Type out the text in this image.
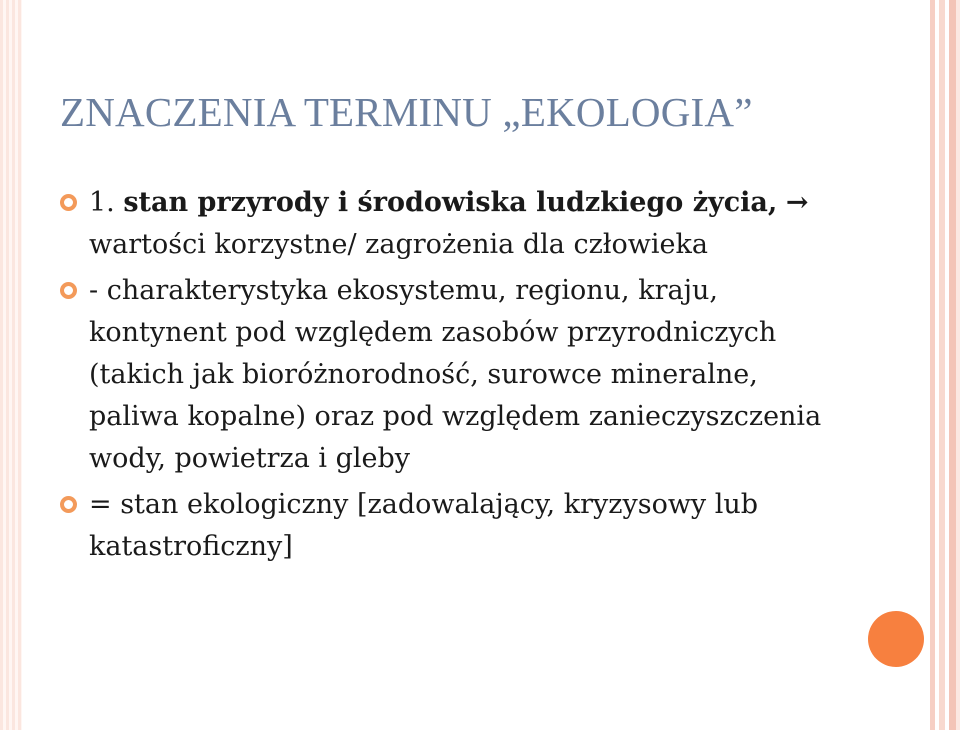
ZNACZENIA TERMINU „EKOLOGIA”
1. stan przyrody i środowiska ludzkiego życia, → wartości korzystne/ zagrożenia dla człowieka
- charakterystyka ekosystemu, regionu, kraju, kontynent pod względem zasobów przyrodniczych (takich jak bioróżnorodność, surowce mineralne, paliwa kopalne) oraz pod względem zanieczyszczenia wody, powietrza i gleby
= stan ekologiczny [zadowalający, kryzysowy lub katastroficzny]
